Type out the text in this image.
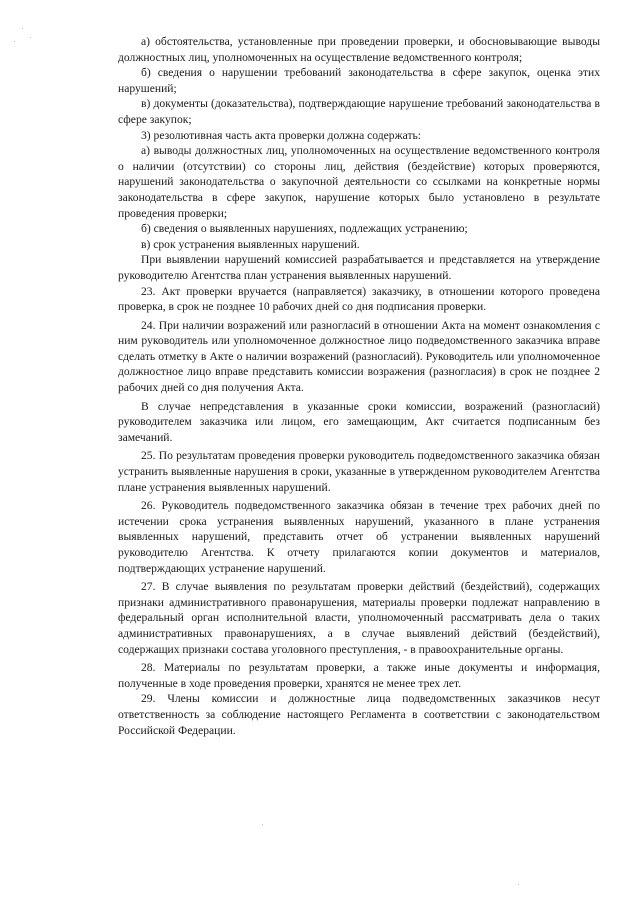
а) обстоятельства, установленные при проведении проверки, и обосновывающие выводы должностных лиц, уполномоченных на осуществление ведомственного контроля;

б) сведения о нарушении требований законодательства в сфере закупок, оценка этих нарушений;

в) документы (доказательства), подтверждающие нарушение требований законодательства в сфере закупок;

3) резолютивная часть акта проверки должна содержать:

а) выводы должностных лиц, уполномоченных на осуществление ведомственного контроля о наличии (отсутствии) со стороны лиц, действия (бездействие) которых проверяются, нарушений законодательства о закупочной деятельности со ссылками на конкретные нормы законодательства в сфере закупок, нарушение которых было установлено в результате проведения проверки;

б) сведения о выявленных нарушениях, подлежащих устранению;

в) срок устранения выявленных нарушений.

При выявлении нарушений комиссией разрабатывается и представляется на утверждение руководителю Агентства план устранения выявленных нарушений.

23. Акт проверки вручается (направляется) заказчику, в отношении которого проведена проверка, в срок не позднее 10 рабочих дней со дня подписания проверки.

24. При наличии возражений или разногласий в отношении Акта на момент ознакомления с ним руководитель или уполномоченное должностное лицо подведомственного заказчика вправе сделать отметку в Акте о наличии возражений (разногласий). Руководитель или уполномоченное должностное лицо вправе представить комиссии возражения (разногласия) в срок не позднее 2 рабочих дней со дня получения Акта.

В случае непредставления в указанные сроки комиссии, возражений (разногласий) руководителем заказчика или лицом, его замещающим, Акт считается подписанным без замечаний.

25. По результатам проведения проверки руководитель подведомственного заказчика обязан устранить выявленные нарушения в сроки, указанные в утвержденном руководителем Агентства плане устранения выявленных нарушений.

26. Руководитель подведомственного заказчика обязан в течение трех рабочих дней по истечении срока устранения выявленных нарушений, указанного в плане устранения выявленных нарушений, представить отчет об устранении выявленных нарушений руководителю Агентства. К отчету прилагаются копии документов и материалов, подтверждающих устранение нарушений.

27. В случае выявления по результатам проверки действий (бездействий), содержащих признаки административного правонарушения, материалы проверки подлежат направлению в федеральный орган исполнительной власти, уполномоченный рассматривать дела о таких административных правонарушениях, а в случае выявлений действий (бездействий), содержащих признаки состава уголовного преступления, - в правоохранительные органы.

28. Материалы по результатам проверки, а также иные документы и информация, полученные в ходе проведения проверки, хранятся не менее трех лет.

29. Члены комиссии и должностные лица подведомственных заказчиков несут ответственность за соблюдение настоящего Регламента в соответствии с законодательством Российской Федерации.
